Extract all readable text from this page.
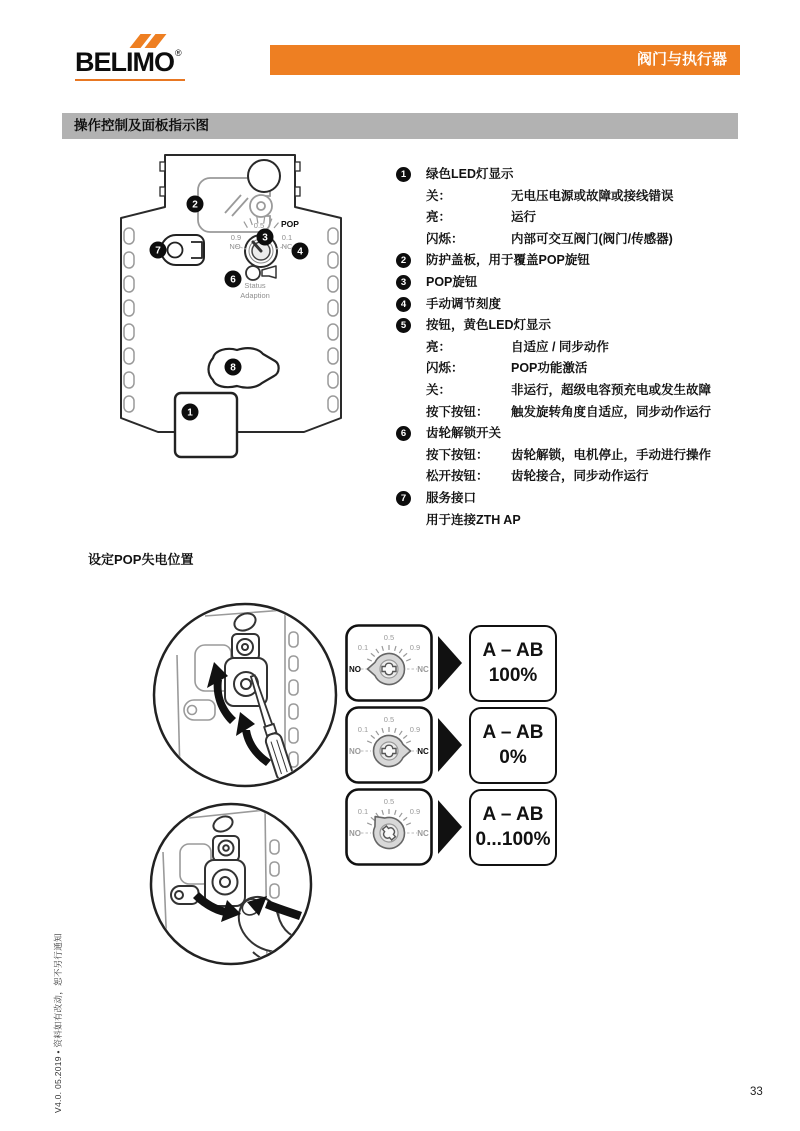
BELIMO®	阀门与执行器
操作控制及面板指示图
0.5 POP
0.9
NO
0.1
NC
Status
Adaption
2
3
4
6
7
8
1
1	绿色LED灯显示
关：	无电压电源或故障或接线错误
亮：	运行
闪烁：	内部可交互阀门(阀门/传感器)
2	防护盖板，用于覆盖POP旋钮
3	POP旋钮
4	手动调节刻度
5	按钮，黄色LED灯显示
亮：	自适应 / 同步动作
闪烁：	POP功能激活
关：	非运行，超级电容预充电或发生故障
按下按钮：	触发旋转角度自适应，同步动作运行
6	齿轮解锁开关
按下按钮：	齿轮解锁，电机停止，手动进行操作
松开按钮：	齿轮接合，同步动作运行
7	服务接口
用于连接ZTH AP
设定POP失电位置
0.1
0.5
0.9
NO	NC
A – AB
100%
0.1
0.5
0.9
NO	NC
A – AB
0%
0.1
0.5
0.9
NO	NC
A – AB
0...100%
V4.0. 05.2019 • 资料如有改动，恕不另行通知	33
